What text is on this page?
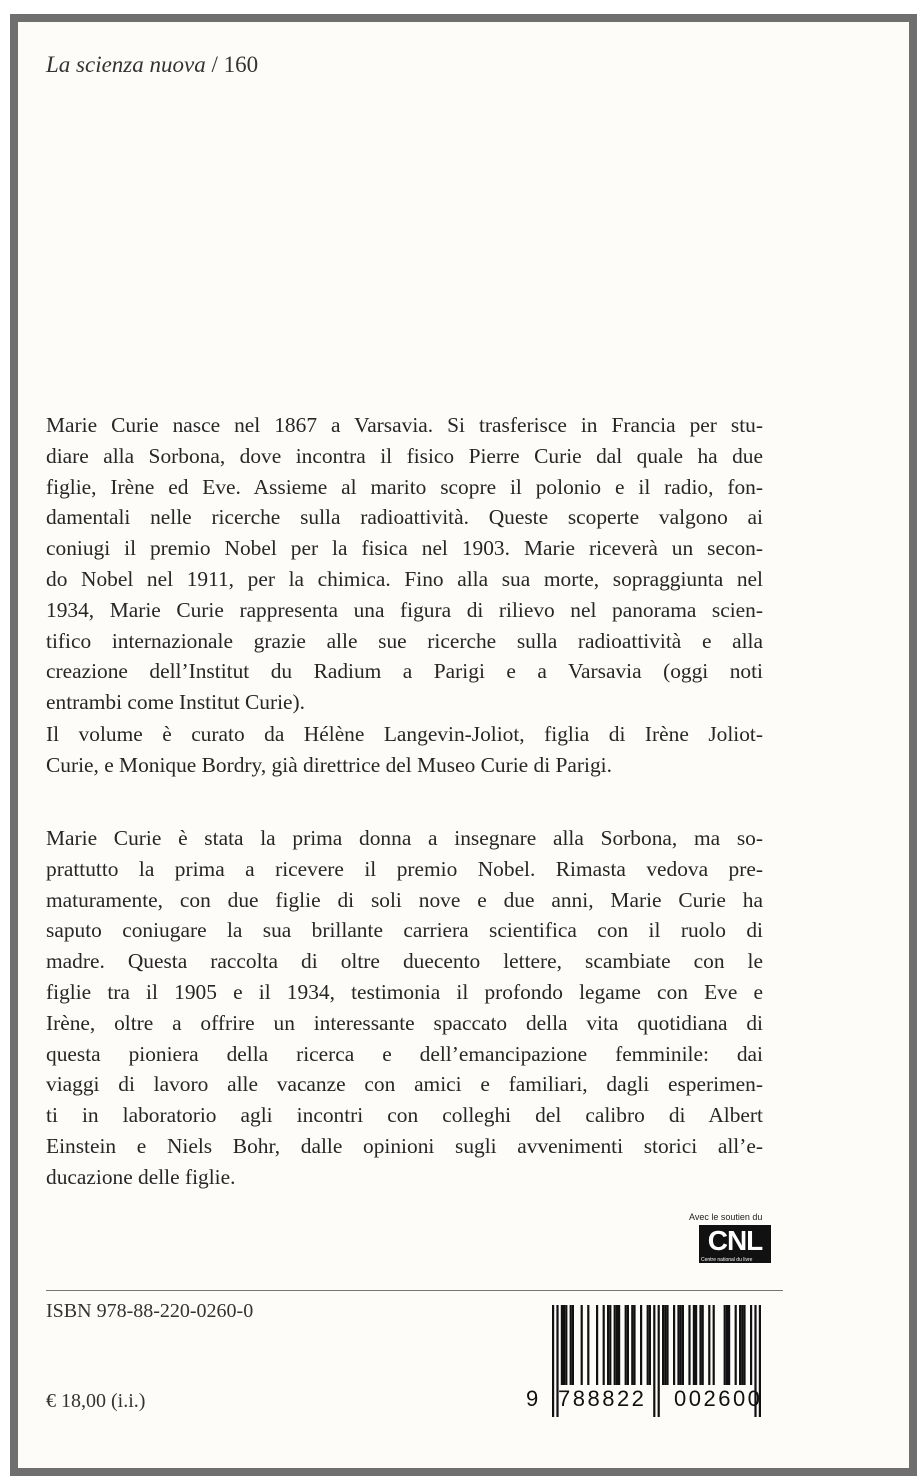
La scienza nuova / 160
Marie Curie nasce nel 1867 a Varsavia. Si trasferisce in Francia per stu-
diare alla Sorbona, dove incontra il fisico Pierre Curie dal quale ha due
figlie, Irène ed Eve. Assieme al marito scopre il polonio e il radio, fon-
damentali nelle ricerche sulla radioattività. Queste scoperte valgono ai
coniugi il premio Nobel per la fisica nel 1903. Marie riceverà un secon-
do Nobel nel 1911, per la chimica. Fino alla sua morte, sopraggiunta nel
1934, Marie Curie rappresenta una figura di rilievo nel panorama scien-
tifico internazionale grazie alle sue ricerche sulla radioattività e alla
creazione dell’Institut du Radium a Parigi e a Varsavia (oggi noti
entrambi come Institut Curie).
Il volume è curato da Hélène Langevin-Joliot, figlia di Irène Joliot-
Curie, e Monique Bordry, già direttrice del Museo Curie di Parigi.
Marie Curie è stata la prima donna a insegnare alla Sorbona, ma so-
prattutto la prima a ricevere il premio Nobel. Rimasta vedova pre-
maturamente, con due figlie di soli nove e due anni, Marie Curie ha
saputo coniugare la sua brillante carriera scientifica con il ruolo di
madre. Questa raccolta di oltre duecento lettere, scambiate con le
figlie tra il 1905 e il 1934, testimonia il profondo legame con Eve e
Irène, oltre a offrire un interessante spaccato della vita quotidiana di
questa pioniera della ricerca e dell’emancipazione femminile: dai
viaggi di lavoro alle vacanze con amici e familiari, dagli esperimen-
ti in laboratorio agli incontri con colleghi del calibro di Albert
Einstein e Niels Bohr, dalle opinioni sugli avvenimenti storici all’e-
ducazione delle figlie.
Avec le soutien du
CNL
Centre national du livre
ISBN 978-88-220-0260-0
€ 18,00 (i.i.)	9 788822 002600
